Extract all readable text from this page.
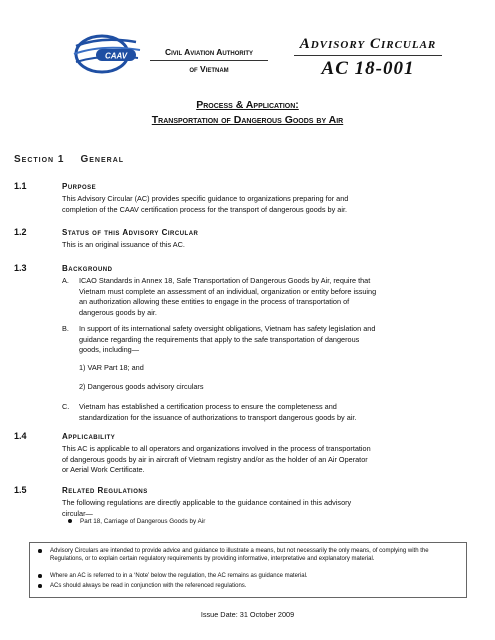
CAAV	Civil Aviation Authority
of Vietnam
Advisory Circular
AC 18-001
Process & Application:
Transportation of Dangerous Goods by Air
Section 1 General
1.1	Purpose
This Advisory Circular (AC) provides specific guidance to organizations preparing for and
completion of the CAAV certification process for the transport of dangerous goods by air.
1.2	Status of this Advisory Circular
This is an original issuance of this AC.
1.3	Background
A. ICAO Standards in Annex 18, Safe Transportation of Dangerous Goods by Air, require that
Vietnam must complete an assessment of an individual, organization or entity before issuing
an authorization allowing these entities to engage in the process of transportation of
dangerous goods by air.
B. In support of its international safety oversight obligations, Vietnam has safety legislation and
guidance regarding the requirements that apply to the safe transportation of dangerous
goods, including—
1) VAR Part 18; and
2) Dangerous goods advisory circulars
C. Vietnam has established a certification process to ensure the completeness and
standardization for the issuance of authorizations to transport dangerous goods by air.
1.4	Applicability
This AC is applicable to all operators and organizations involved in the process of transportation
of dangerous goods by air in aircraft of Vietnam registry and/or as the holder of an Air Operator
or Aerial Work Certificate.
1.5	Related Regulations
The following regulations are directly applicable to the guidance contained in this advisory
circular—
Part 18, Carriage of Dangerous Goods by Air
Advisory Circulars are intended to provide advice and guidance to illustrate a means, but not necessarily the only means, of complying with the Regulations, or to explain certain regulatory requirements by providing informative, interpretative and explanatory material.
Where an AC is referred to in a ‘Note’ below the regulation, the AC remains as guidance material.
ACs should always be read in conjunction with the referenced regulations.
Issue Date: 31 October 2009
